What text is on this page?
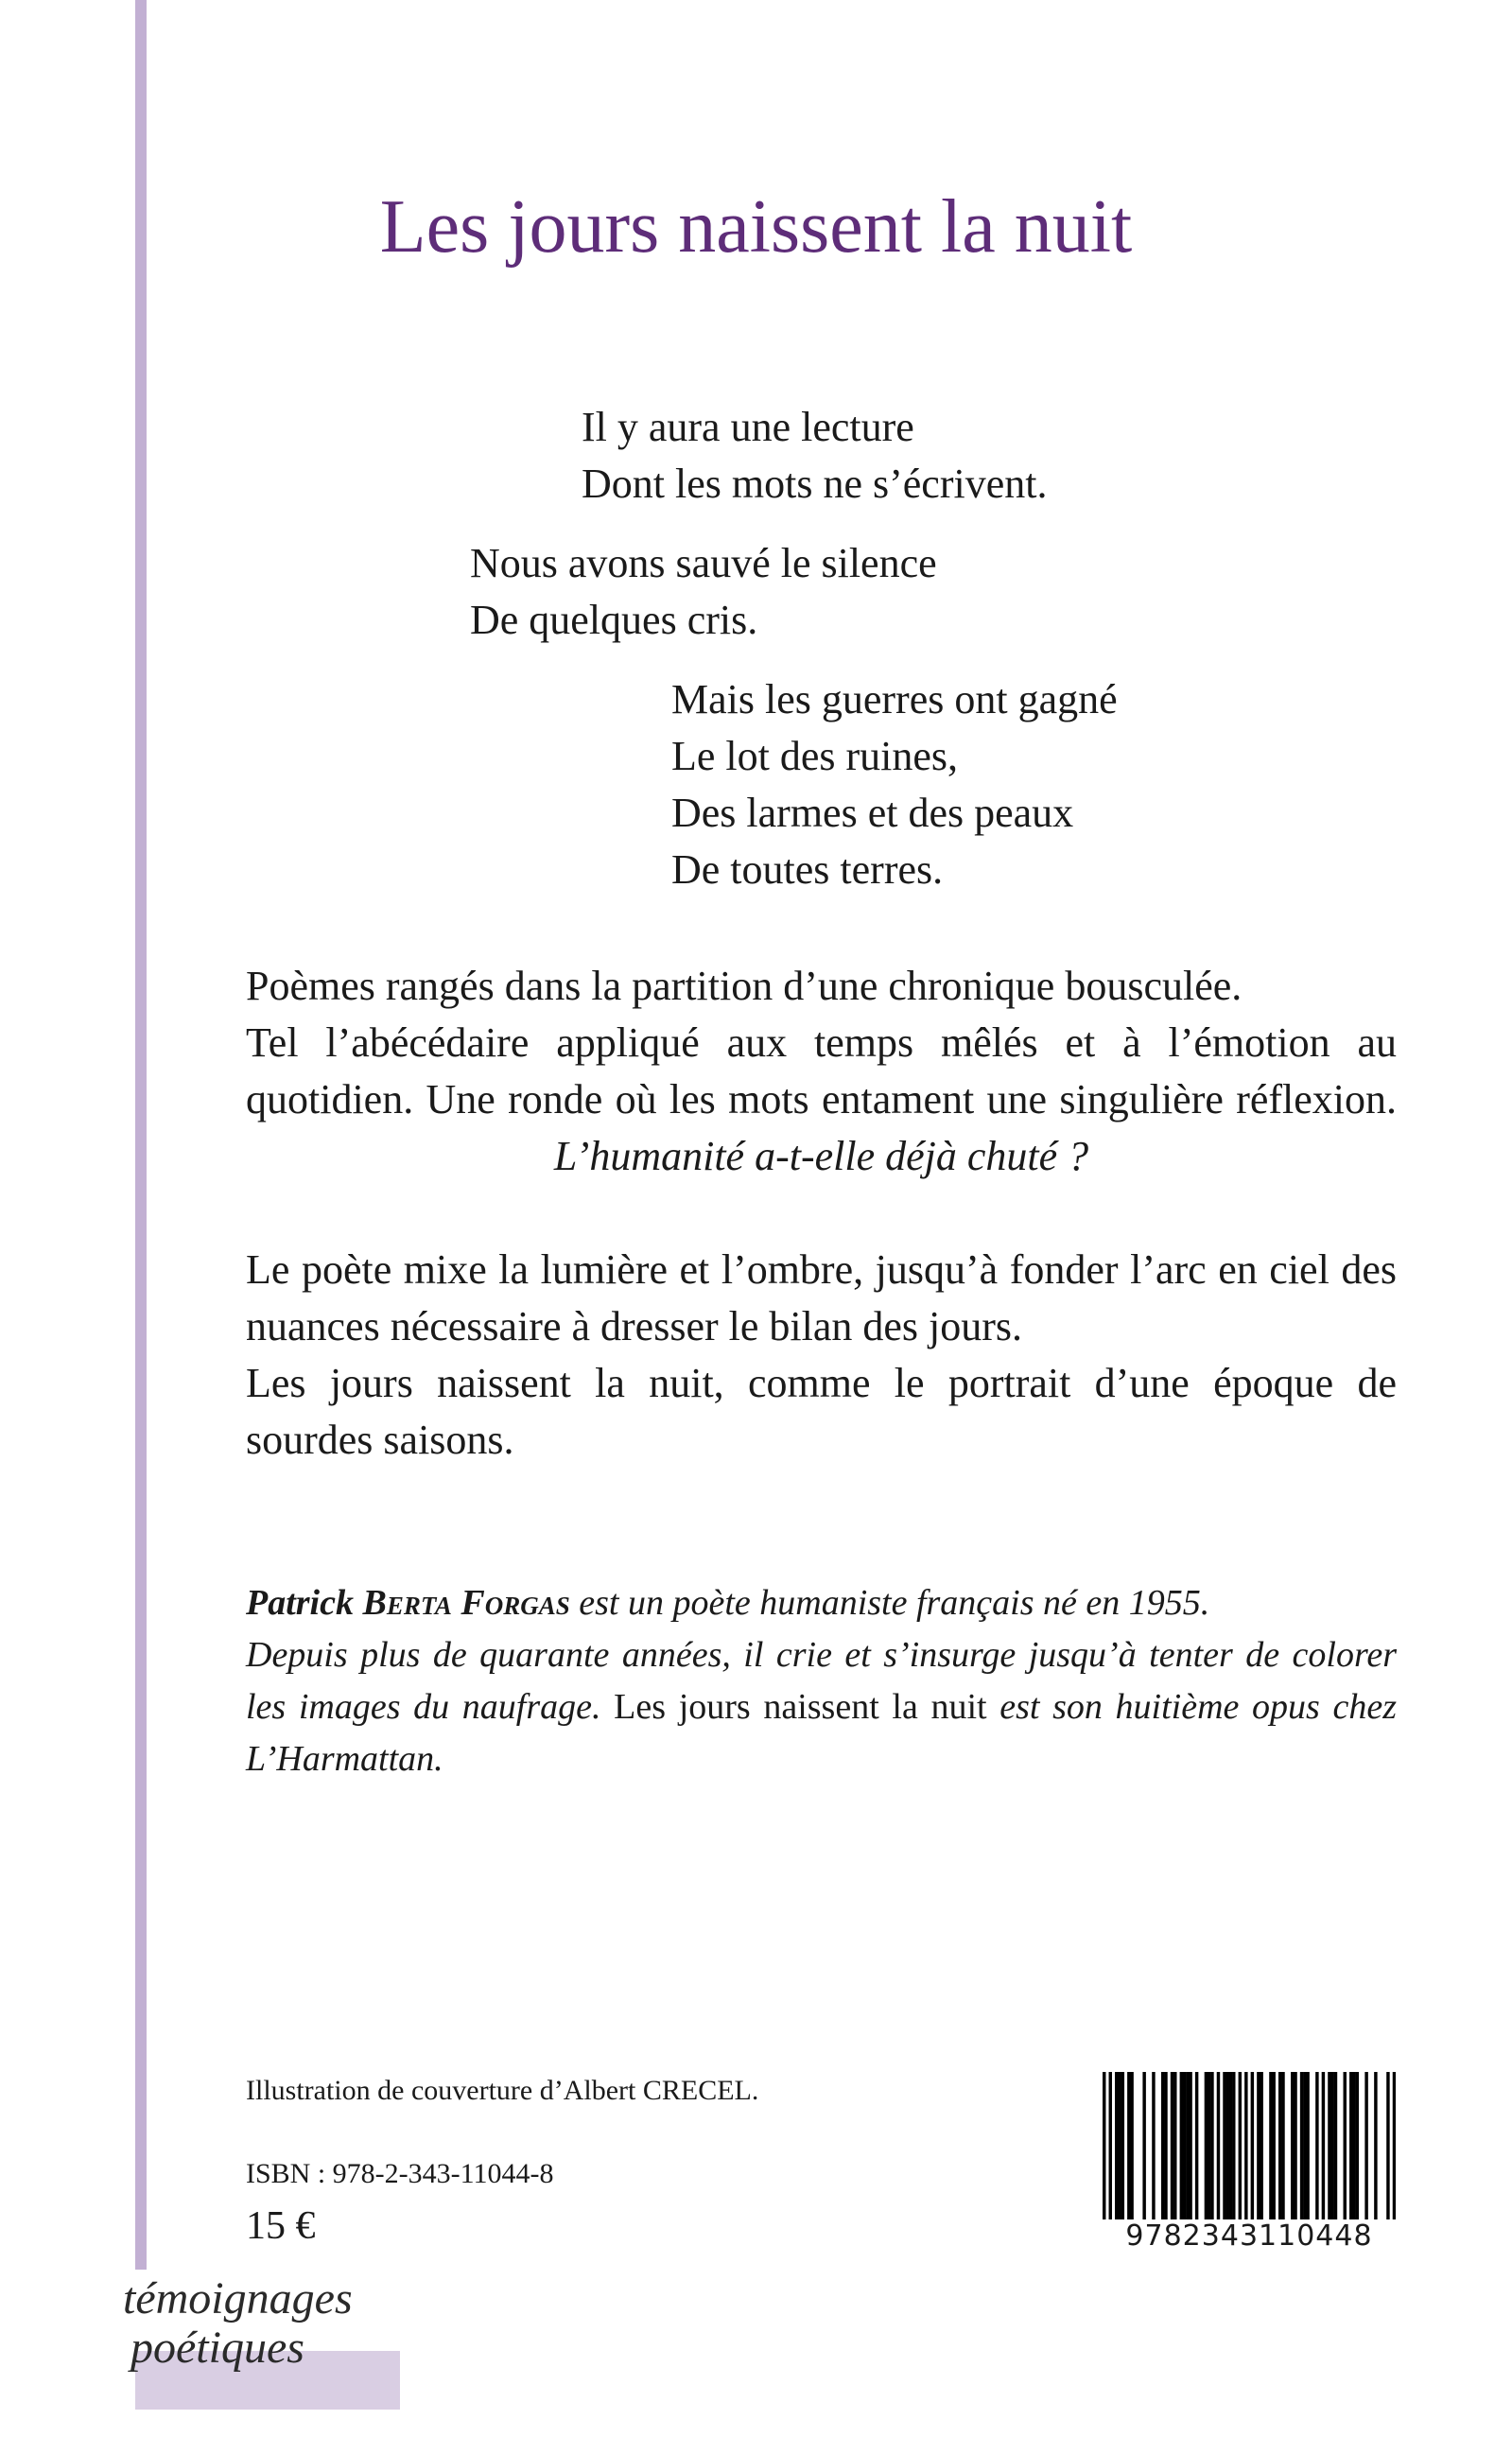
Les jours naissent la nuit
Il y aura une lecture
Dont les mots ne s’écrivent.
Nous avons sauvé le silence
De quelques cris.
Mais les guerres ont gagné
Le lot des ruines,
Des larmes et des peaux
De toutes terres.
Poèmes rangés dans la partition d’une chronique bousculée.
Tel l’abécédaire appliqué aux temps mêlés et à l’émotion au
quotidien. Une ronde où les mots entament une singulière réflexion.
L’humanité a-t-elle déjà chuté ?
Le poète mixe la lumière et l’ombre, jusqu’à fonder l’arc en ciel des
nuances nécessaire à dresser le bilan des jours.
Les jours naissent la nuit, comme le portrait d’une époque de
sourdes saisons.
Patrick Berta Forgas est un poète humaniste français né en 1955.
Depuis plus de quarante années, il crie et s’insurge jusqu’à tenter de colorer
les images du naufrage. Les jours naissent la nuit est son huitième opus chez
L’Harmattan.
Illustration de couverture d’Albert CRECEL.
ISBN : 978-2-343-11044-8
15 €	9782343110448
témoignages
poétiques
